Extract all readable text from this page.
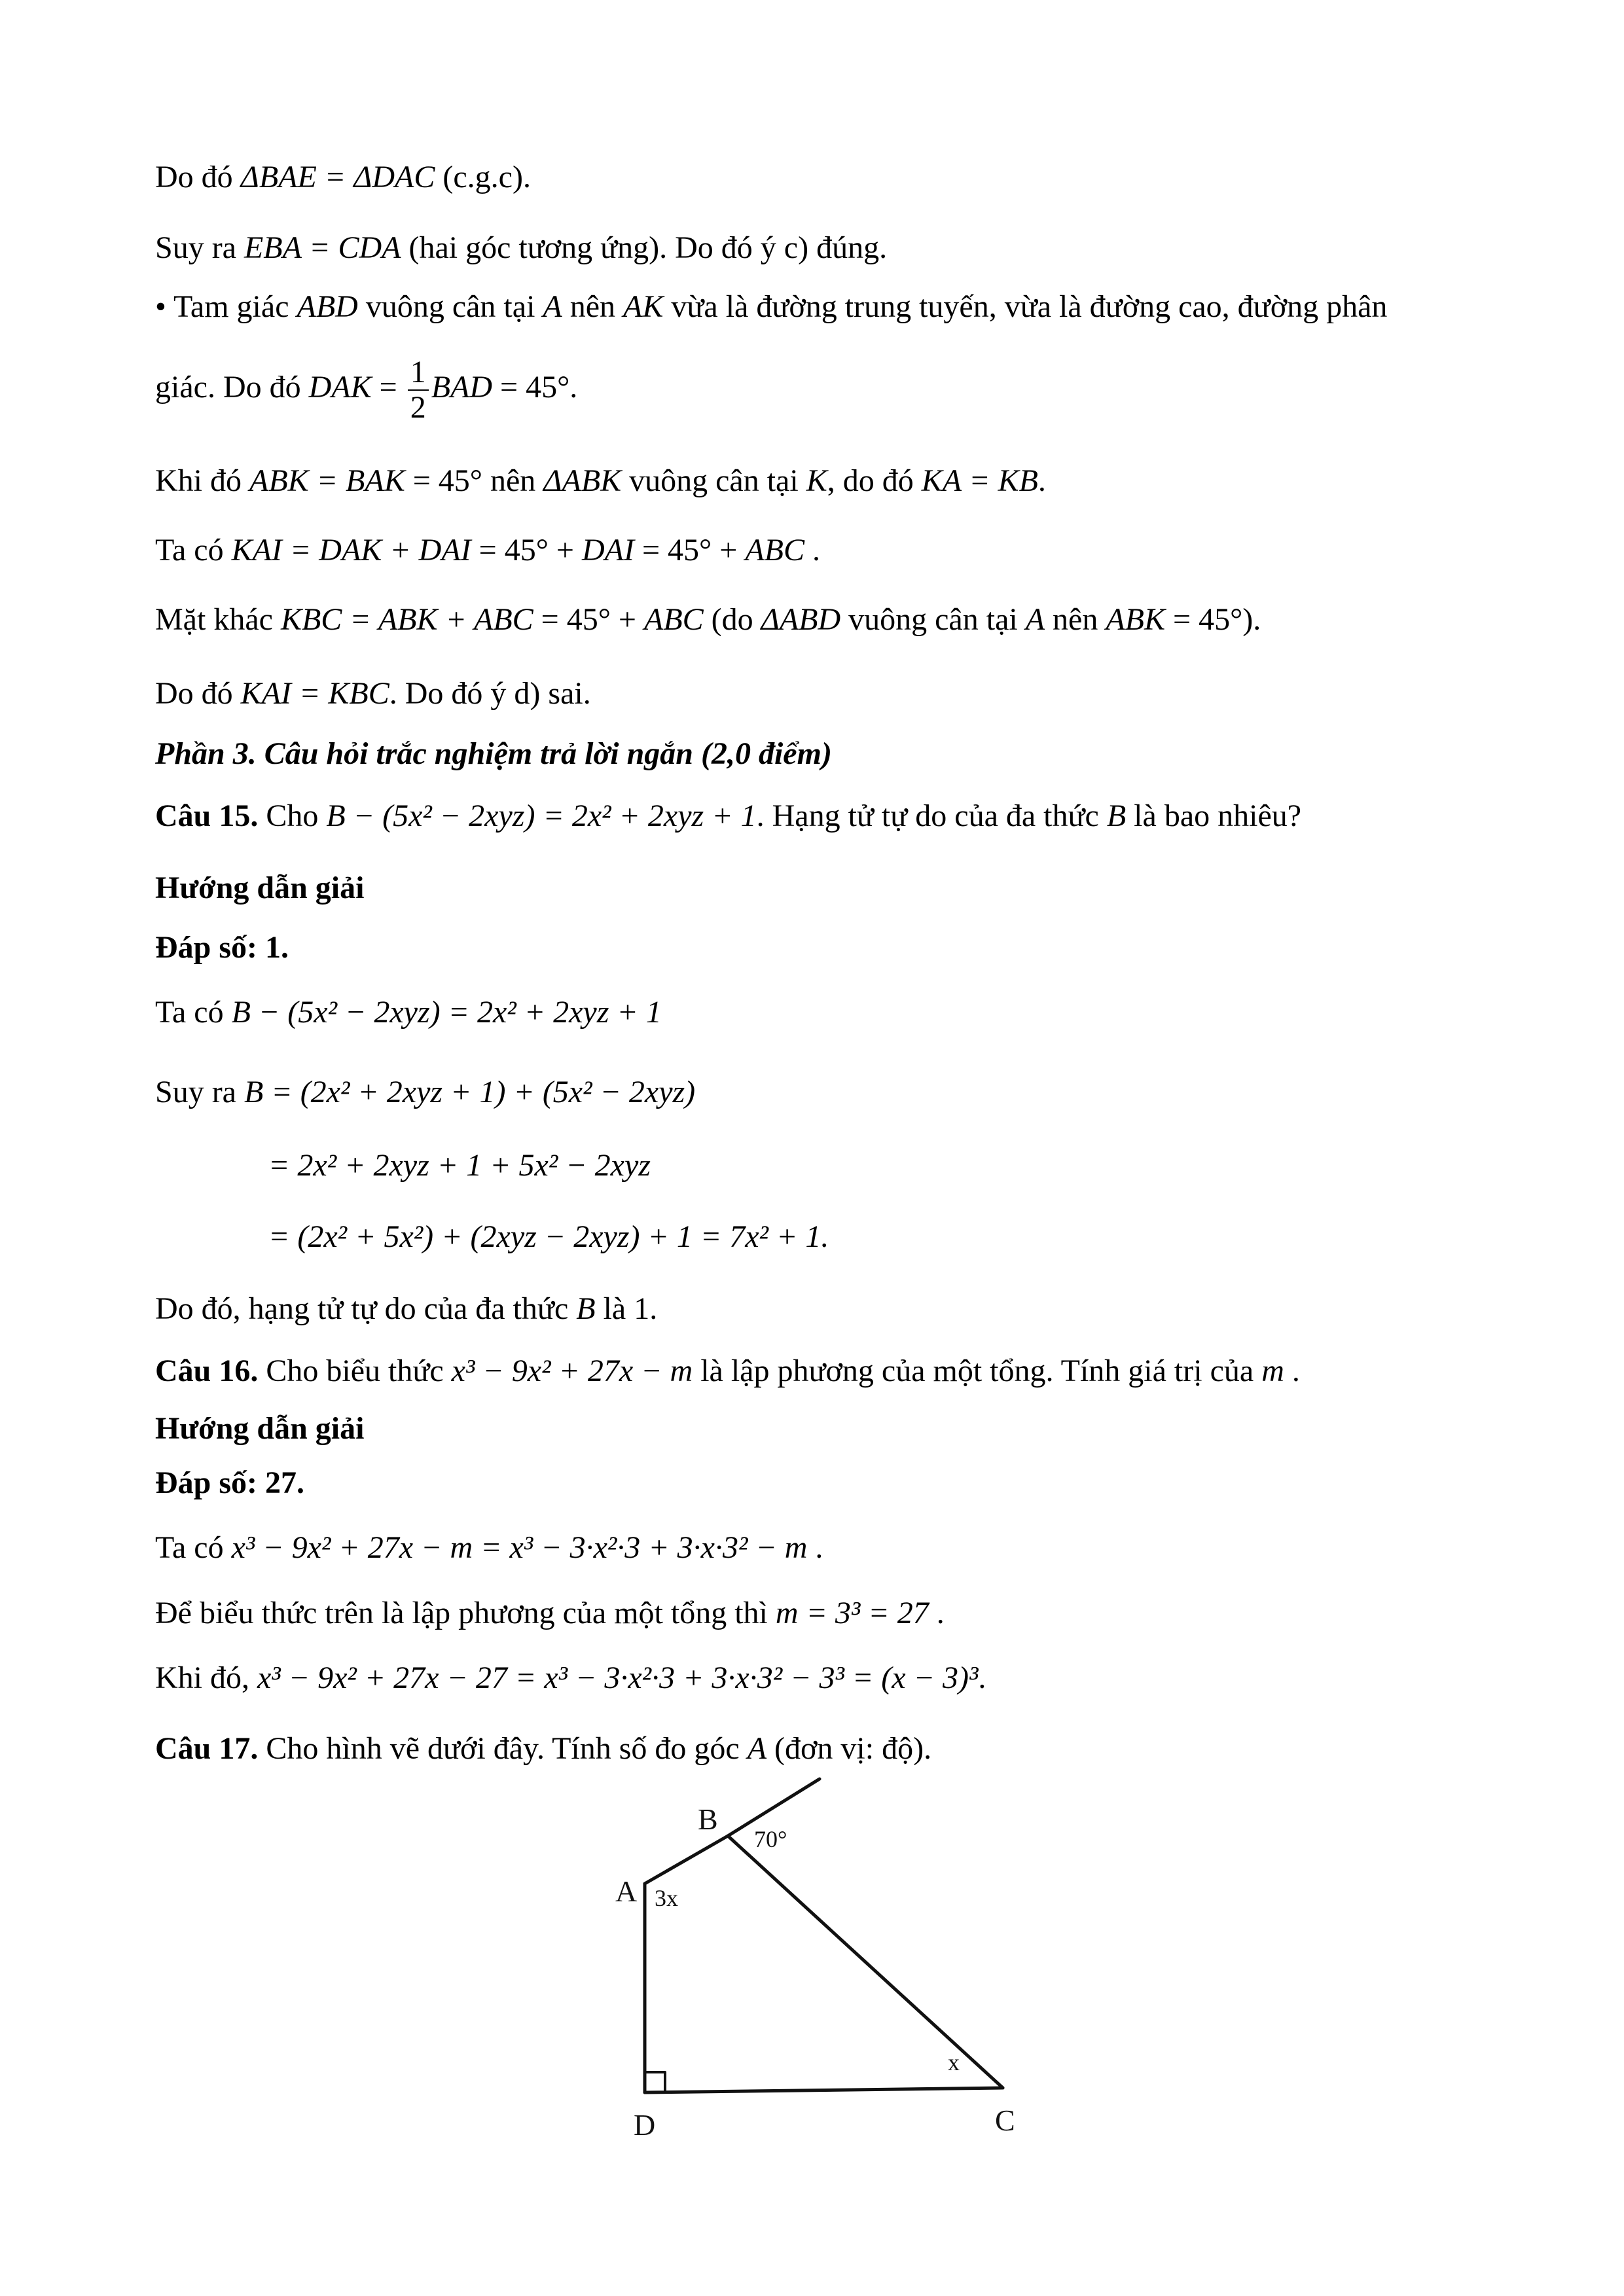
Do đó ΔBAE = ΔDAC (c.g.c).
Suy ra EBA = CDA (hai góc tương ứng). Do đó ý c) đúng.
• Tam giác ABD vuông cân tại A nên AK vừa là đường trung tuyến, vừa là đường cao, đường phân
giác. Do đó DAK = $\frac{1}{2}$ BAD = 45°.
Khi đó ABK = BAK = 45° nên ΔABK vuông cân tại K, do đó KA = KB.
Ta có KAI = DAK + DAI = 45° + DAI = 45° + ABC .
Mặt khác KBC = ABK + ABC = 45° + ABC (do ΔABD vuông cân tại A nên ABK = 45°).
Do đó KAI = KBC. Do đó ý d) sai.
Phần 3. Câu hỏi trắc nghiệm trả lời ngắn (2,0 điểm)
Câu 15. Cho B − (5x² − 2xyz) = 2x² + 2xyz + 1. Hạng tử tự do của đa thức B là bao nhiêu?
Hướng dẫn giải
Đáp số: 1.
Ta có B − (5x² − 2xyz) = 2x² + 2xyz + 1
Suy ra B = (2x² + 2xyz + 1) + (5x² − 2xyz)
= 2x² + 2xyz + 1 + 5x² − 2xyz
= (2x² + 5x²) + (2xyz − 2xyz) + 1 = 7x² + 1.
Do đó, hạng tử tự do của đa thức B là 1.
Câu 16. Cho biểu thức x³ − 9x² + 27x − m là lập phương của một tổng. Tính giá trị của m .
Hướng dẫn giải
Đáp số: 27.
Ta có x³ − 9x² + 27x − m = x³ − 3·x²·3 + 3·x·3² − m .
Để biểu thức trên là lập phương của một tổng thì m = 3³ = 27 .
Khi đó, x³ − 9x² + 27x − 27 = x³ − 3·x²·3 + 3·x·3² − 3³ = (x − 3)³.
Câu 17. Cho hình vẽ dưới đây. Tính số đo góc A (đơn vị: độ).
A
B
C
D
3x
70°
x
